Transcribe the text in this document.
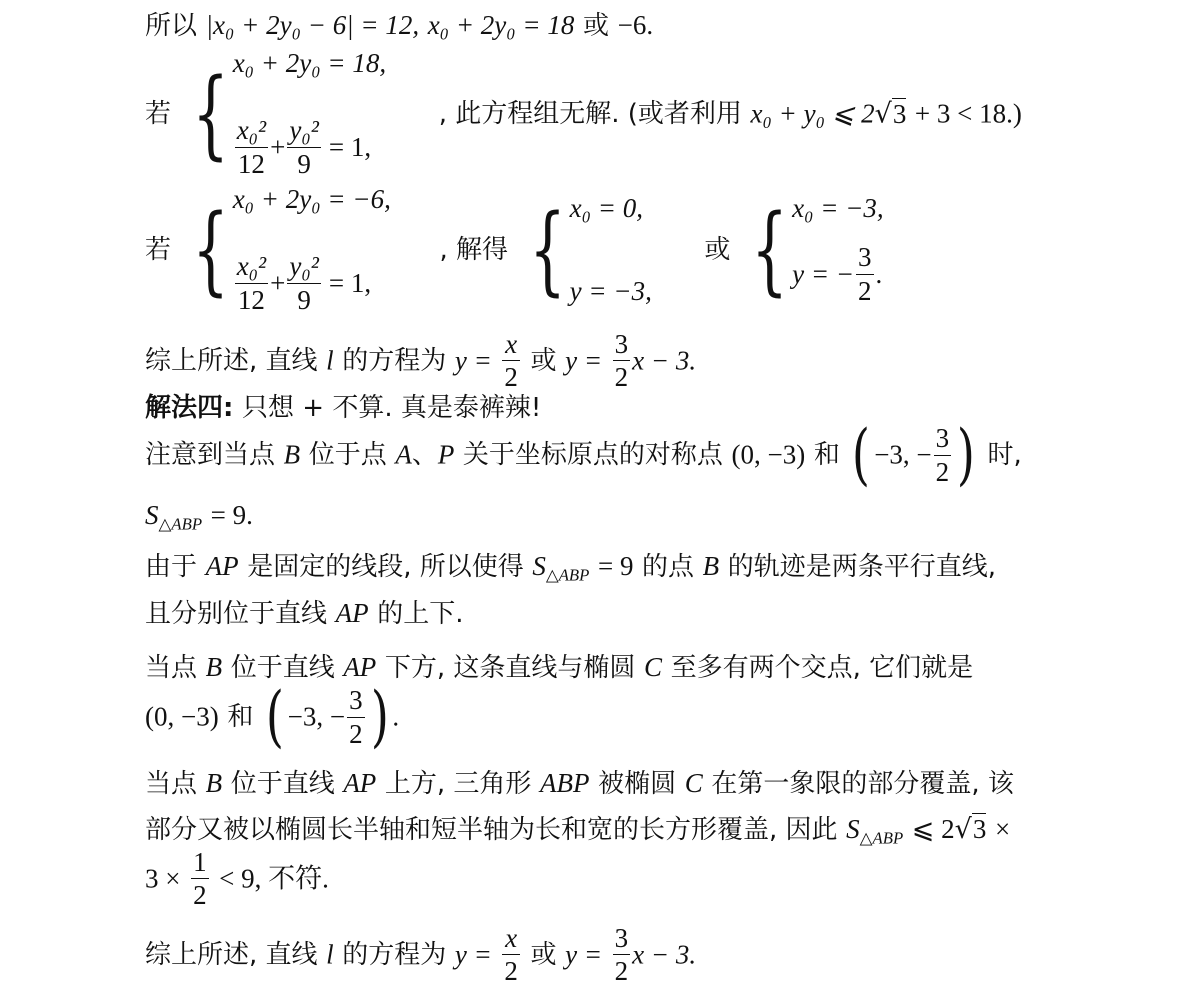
所以 |x₀ + 2y₀ − 6| = 12, x₀ + 2y₀ = 18 或 −6.
若 { x₀ + 2y₀ = 18,
$\frac{\text{x₀²}}{12} + \frac{\text{y₀²}}{9} = 1$,
, 此方程组无解. (或者利用 x₀ + y₀ ⩽ 2√3 + 3 < 18.)
若 { x₀ + 2y₀ = −6,
$\frac{\text{x₀²}}{12} + \frac{\text{y₀²}}{9} = 1$,
, 解得 { x₀ = 0,
y = −3,
或 { x₀ = −3,
y = − $\frac{3}{2}$ .
综上所述, 直线 l 的方程为 $y = \frac{x}{2}$ 或 $y = \frac{3}{2}$ x − 3.
解法四: 只想 + 不算. 真是泰裤辣!
注意到当点 B 位于点 A、P 关于坐标原点的对称点 (0, −3) 和 ( −3, − $\frac{3}{2}$ ) 时,
$S_{\triangle ABP} = 9$.
由于 AP 是固定的线段, 所以使得 $S_{\triangle ABP} = 9$ 的点 B 的轨迹是两条平行直线,
且分别位于直线 AP 的上下.
当点 B 位于直线 AP 下方, 这条直线与椭圆 C 至多有两个交点, 它们就是
(0, −3) 和 ( −3, − $\frac{3}{2}$ ) .
当点 B 位于直线 AP 上方, 三角形 ABP 被椭圆 C 在第一象限的部分覆盖, 该
部分又被以椭圆长半轴和短半轴为长和宽的长方形覆盖, 因此 $S_{\triangle ABP}$ ⩽ 2√3 ×
$3 \times \frac{1}{2} < 9$, 不符.
综上所述, 直线 l 的方程为 $y = \frac{x}{2}$ 或 $y = \frac{3}{2}$ x − 3.
